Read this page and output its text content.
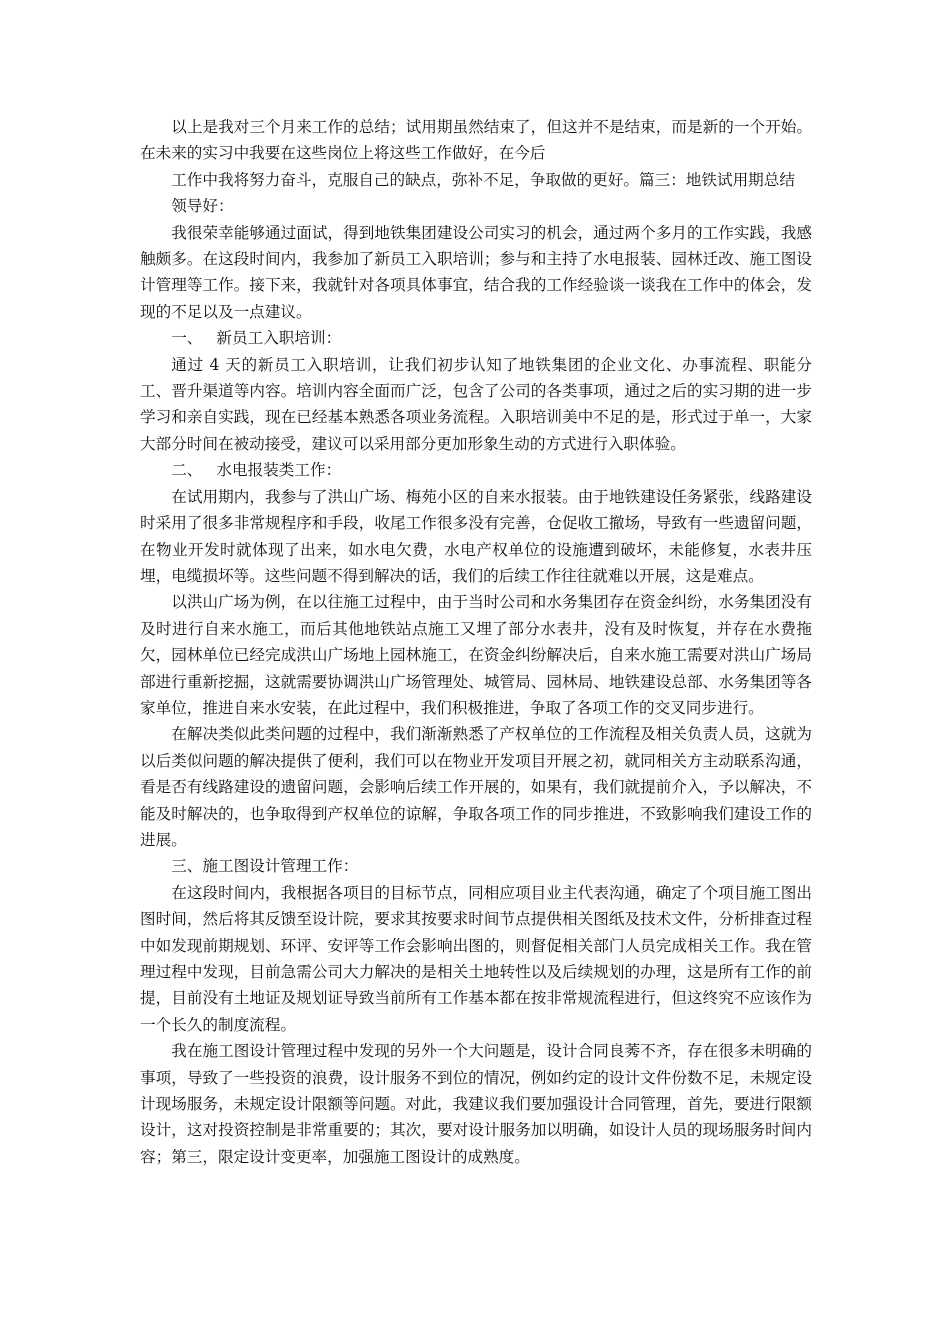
以上是我对三个月来工作的总结；试用期虽然结束了，但这并不是结束，而是新的一个开始。在未来的实习中我要在这些岗位上将这些工作做好，在今后

工作中我将努力奋斗，克服自己的缺点，弥补不足，争取做的更好。篇三：地铁试用期总结

领导好：

我很荣幸能够通过面试，得到地铁集团建设公司实习的机会，通过两个多月的工作实践，我感触颇多。在这段时间内，我参加了新员工入职培训；参与和主持了水电报装、园林迁改、施工图设计管理等工作。接下来，我就针对各项具体事宜，结合我的工作经验谈一谈我在工作中的体会，发现的不足以及一点建议。

一、 新员工入职培训：

通过 4 天的新员工入职培训，让我们初步认知了地铁集团的企业文化、办事流程、职能分工、晋升渠道等内容。培训内容全面而广泛，包含了公司的各类事项，通过之后的实习期的进一步学习和亲自实践，现在已经基本熟悉各项业务流程。入职培训美中不足的是，形式过于单一，大家大部分时间在被动接受，建议可以采用部分更加形象生动的方式进行入职体验。

二、 水电报装类工作：

在试用期内，我参与了洪山广场、梅苑小区的自来水报装。由于地铁建设任务紧张，线路建设时采用了很多非常规程序和手段，收尾工作很多没有完善，仓促收工撤场，导致有一些遗留问题，在物业开发时就体现了出来，如水电欠费，水电产权单位的设施遭到破坏，未能修复，水表井压埋，电缆损坏等。这些问题不得到解决的话，我们的后续工作往往就难以开展，这是难点。

以洪山广场为例，在以往施工过程中，由于当时公司和水务集团存在资金纠纷，水务集团没有及时进行自来水施工，而后其他地铁站点施工又埋了部分水表井，没有及时恢复，并存在水费拖欠，园林单位已经完成洪山广场地上园林施工，在资金纠纷解决后，自来水施工需要对洪山广场局部进行重新挖掘，这就需要协调洪山广场管理处、城管局、园林局、地铁建设总部、水务集团等各家单位，推进自来水安装，在此过程中，我们积极推进，争取了各项工作的交叉同步进行。

在解决类似此类问题的过程中，我们渐渐熟悉了产权单位的工作流程及相关负责人员，这就为以后类似问题的解决提供了便利，我们可以在物业开发项目开展之初，就同相关方主动联系沟通，看是否有线路建设的遗留问题，会影响后续工作开展的，如果有，我们就提前介入，予以解决，不能及时解决的，也争取得到产权单位的谅解，争取各项工作的同步推进，不致影响我们建设工作的进展。

三、施工图设计管理工作：

在这段时间内，我根据各项目的目标节点，同相应项目业主代表沟通，确定了个项目施工图出图时间，然后将其反馈至设计院，要求其按要求时间节点提供相关图纸及技术文件，分析排查过程中如发现前期规划、环评、安评等工作会影响出图的，则督促相关部门人员完成相关工作。我在管理过程中发现，目前急需公司大力解决的是相关土地转性以及后续规划的办理，这是所有工作的前提，目前没有土地证及规划证导致当前所有工作基本都在按非常规流程进行，但这终究不应该作为一个长久的制度流程。

我在施工图设计管理过程中发现的另外一个大问题是，设计合同良莠不齐，存在很多未明确的事项，导致了一些投资的浪费，设计服务不到位的情况，例如约定的设计文件份数不足，未规定设计现场服务，未规定设计限额等问题。对此，我建议我们要加强设计合同管理，首先，要进行限额设计，这对投资控制是非常重要的；其次，要对设计服务加以明确，如设计人员的现场服务时间内容；第三，限定设计变更率，加强施工图设计的成熟度。
